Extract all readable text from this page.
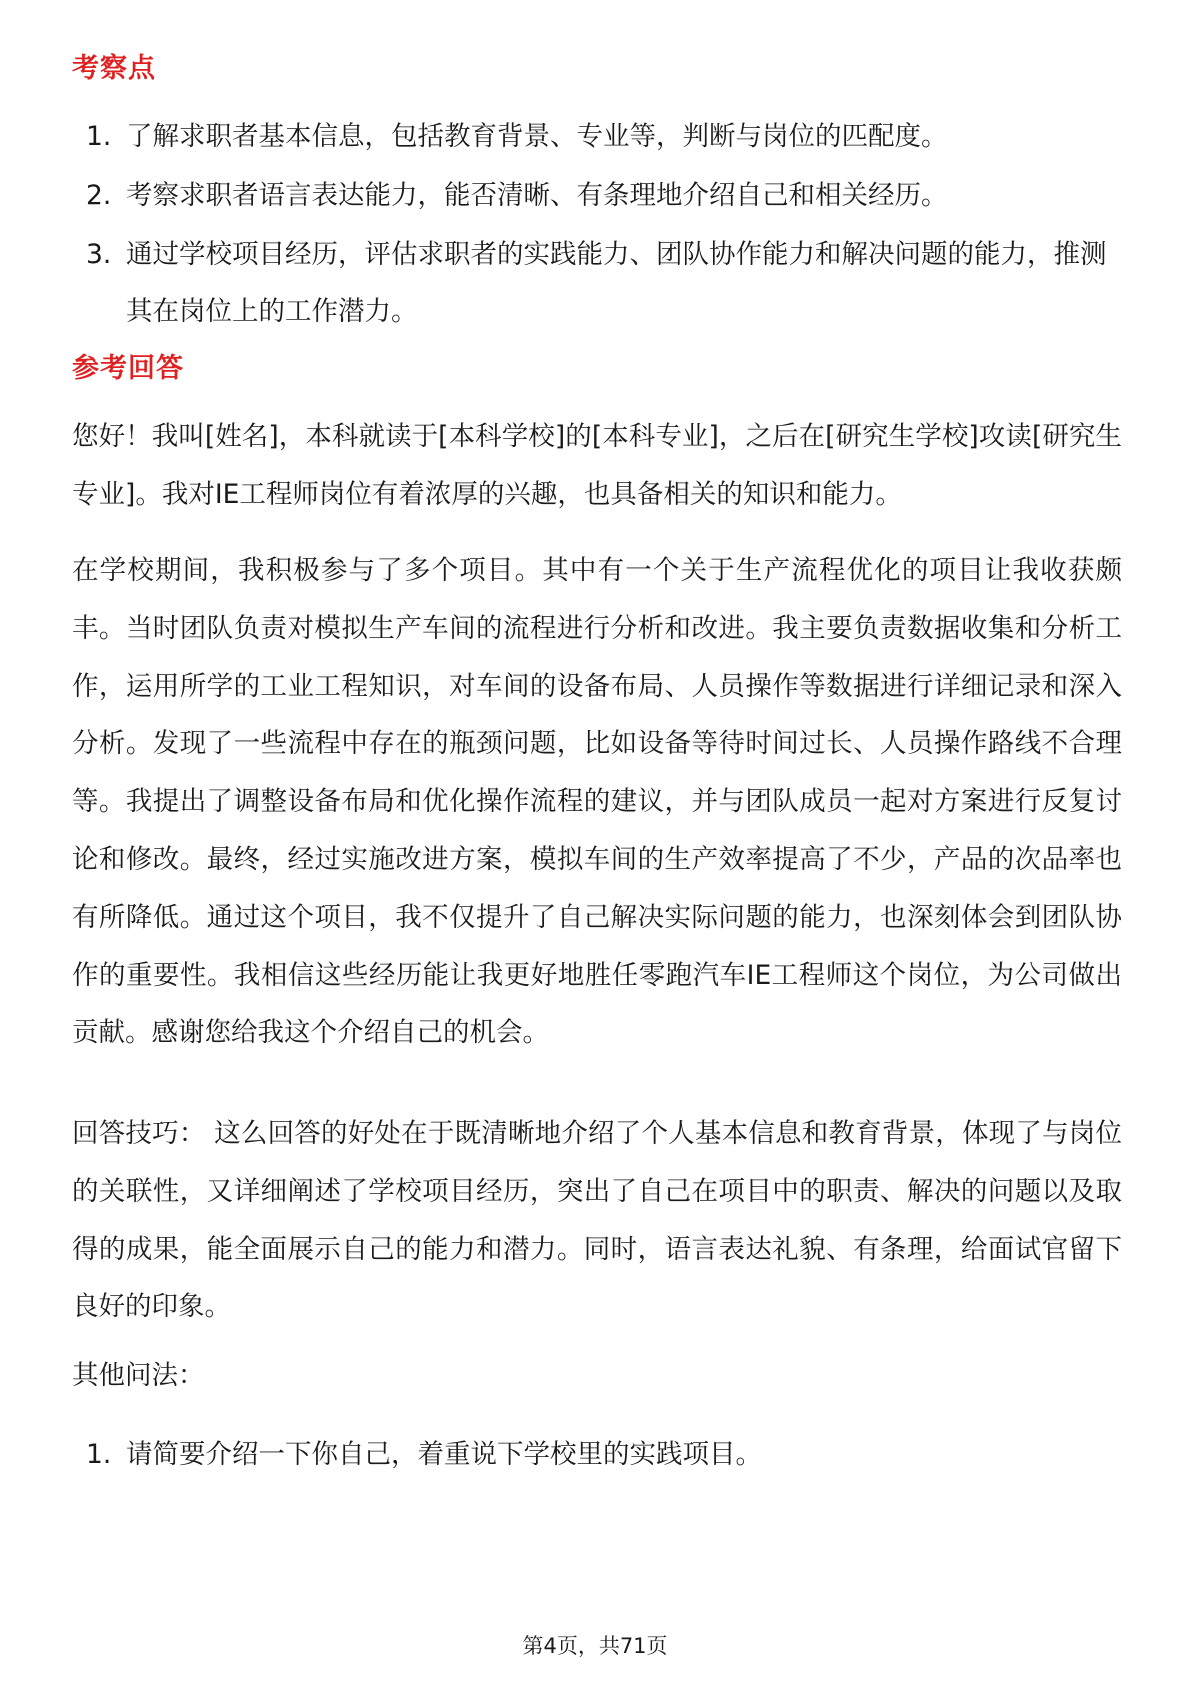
考察点
1. 了解求职者基本信息，包括教育背景、专业等，判断与岗位的匹配度。
2. 考察求职者语言表达能力，能否清晰、有条理地介绍自己和相关经历。
3. 通过学校项目经历，评估求职者的实践能力、团队协作能力和解决问题的能力，推测其在岗位上的工作潜力。
参考回答

您好！我叫[姓名]，本科就读于[本科学校]的[本科专业]，之后在[研究生学校]攻读[研究生专业]。我对IE工程师岗位有着浓厚的兴趣，也具备相关的知识和能力。

在学校期间，我积极参与了多个项目。其中有一个关于生产流程优化的项目让我收获颇丰。当时团队负责对模拟生产车间的流程进行分析和改进。我主要负责数据收集和分析工作，运用所学的工业工程知识，对车间的设备布局、人员操作等数据进行详细记录和深入分析。发现了一些流程中存在的瓶颈问题，比如设备等待时间过长、人员操作路线不合理等。我提出了调整设备布局和优化操作流程的建议，并与团队成员一起对方案进行反复讨论和修改。最终，经过实施改进方案，模拟车间的生产效率提高了不少，产品的次品率也有所降低。通过这个项目，我不仅提升了自己解决实际问题的能力，也深刻体会到团队协作的重要性。我相信这些经历能让我更好地胜任零跑汽车IE工程师这个岗位，为公司做出贡献。感谢您给我这个介绍自己的机会。

回答技巧： 这么回答的好处在于既清晰地介绍了个人基本信息和教育背景，体现了与岗位的关联性，又详细阐述了学校项目经历，突出了自己在项目中的职责、解决的问题以及取得的成果，能全面展示自己的能力和潜力。同时，语言表达礼貌、有条理，给面试官留下良好的印象。

其他问法：

1. 请简要介绍一下你自己，着重说下学校里的实践项目。
第4页，共71页
